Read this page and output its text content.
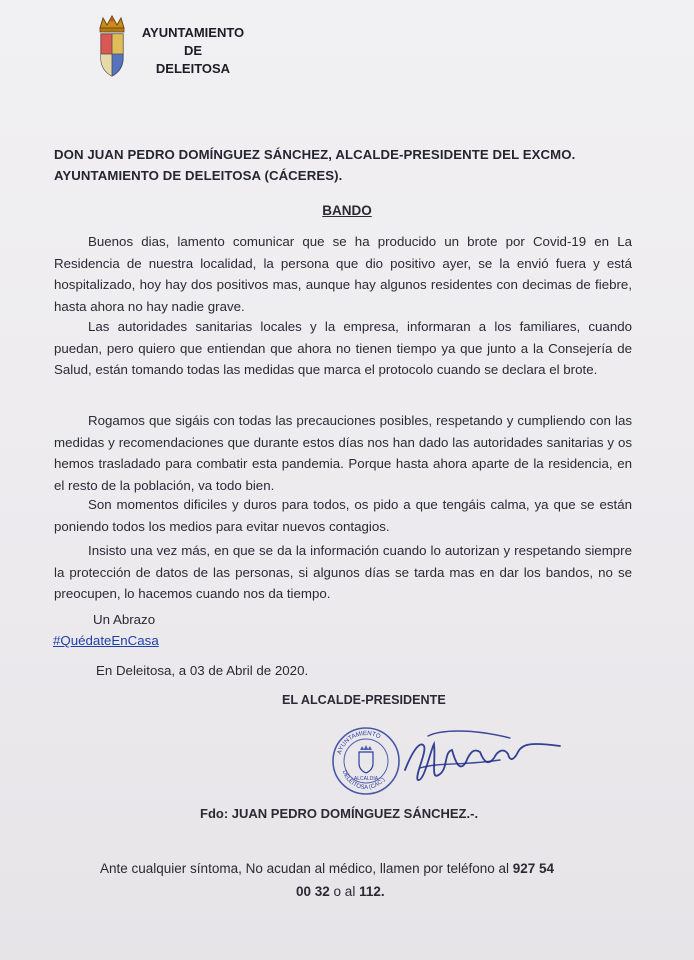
AYUNTAMIENTO
DE
DELEITOSA
DON JUAN PEDRO DOMÍNGUEZ SÁNCHEZ, ALCALDE-PRESIDENTE DEL EXCMO.
AYUNTAMIENTO DE DELEITOSA (CÁCERES).
BANDO
Buenos dias, lamento comunicar que se ha producido un brote por Covid-19 en La Residencia de nuestra localidad, la persona que dio positivo ayer, se la envió fuera y está hospitalizado, hoy hay dos positivos mas, aunque hay algunos residentes con decimas de fiebre, hasta ahora no hay nadie grave.
Las autoridades sanitarias locales y la empresa, informaran a los familiares, cuando puedan, pero quiero que entiendan que ahora no tienen tiempo ya que junto a la Consejería de Salud, están tomando todas las medidas que marca el protocolo cuando se declara el brote.
Rogamos que sigáis con todas las precauciones posibles, respetando y cumpliendo con las medidas y recomendaciones que durante estos días nos han dado las autoridades sanitarias y os hemos trasladado para combatir esta pandemia. Porque hasta ahora aparte de la residencia, en el resto de la población, va todo bien.
Son momentos dificiles y duros para todos, os pido a que tengáis calma, ya que se están poniendo todos los medios para evitar nuevos contagios.
Insisto una vez más, en que se da la información cuando lo autorizan y respetando siempre la protección de datos de las personas, si algunos días se tarda mas en dar los bandos, no se preocupen, lo hacemos cuando nos da tiempo.
Un Abrazo
#QuédateEnCasa
En Deleitosa, a 03 de Abril de 2020.
EL ALCALDE-PRESIDENTE
AYUNTAMIENTO
DELEITOSA (CÁC.)
ALCALDIA
Fdo: JUAN PEDRO DOMÍNGUEZ SÁNCHEZ.-.
Ante cualquier síntoma, No acudan al médico, llamen por teléfono al 927 54
00 32 o al 112.
